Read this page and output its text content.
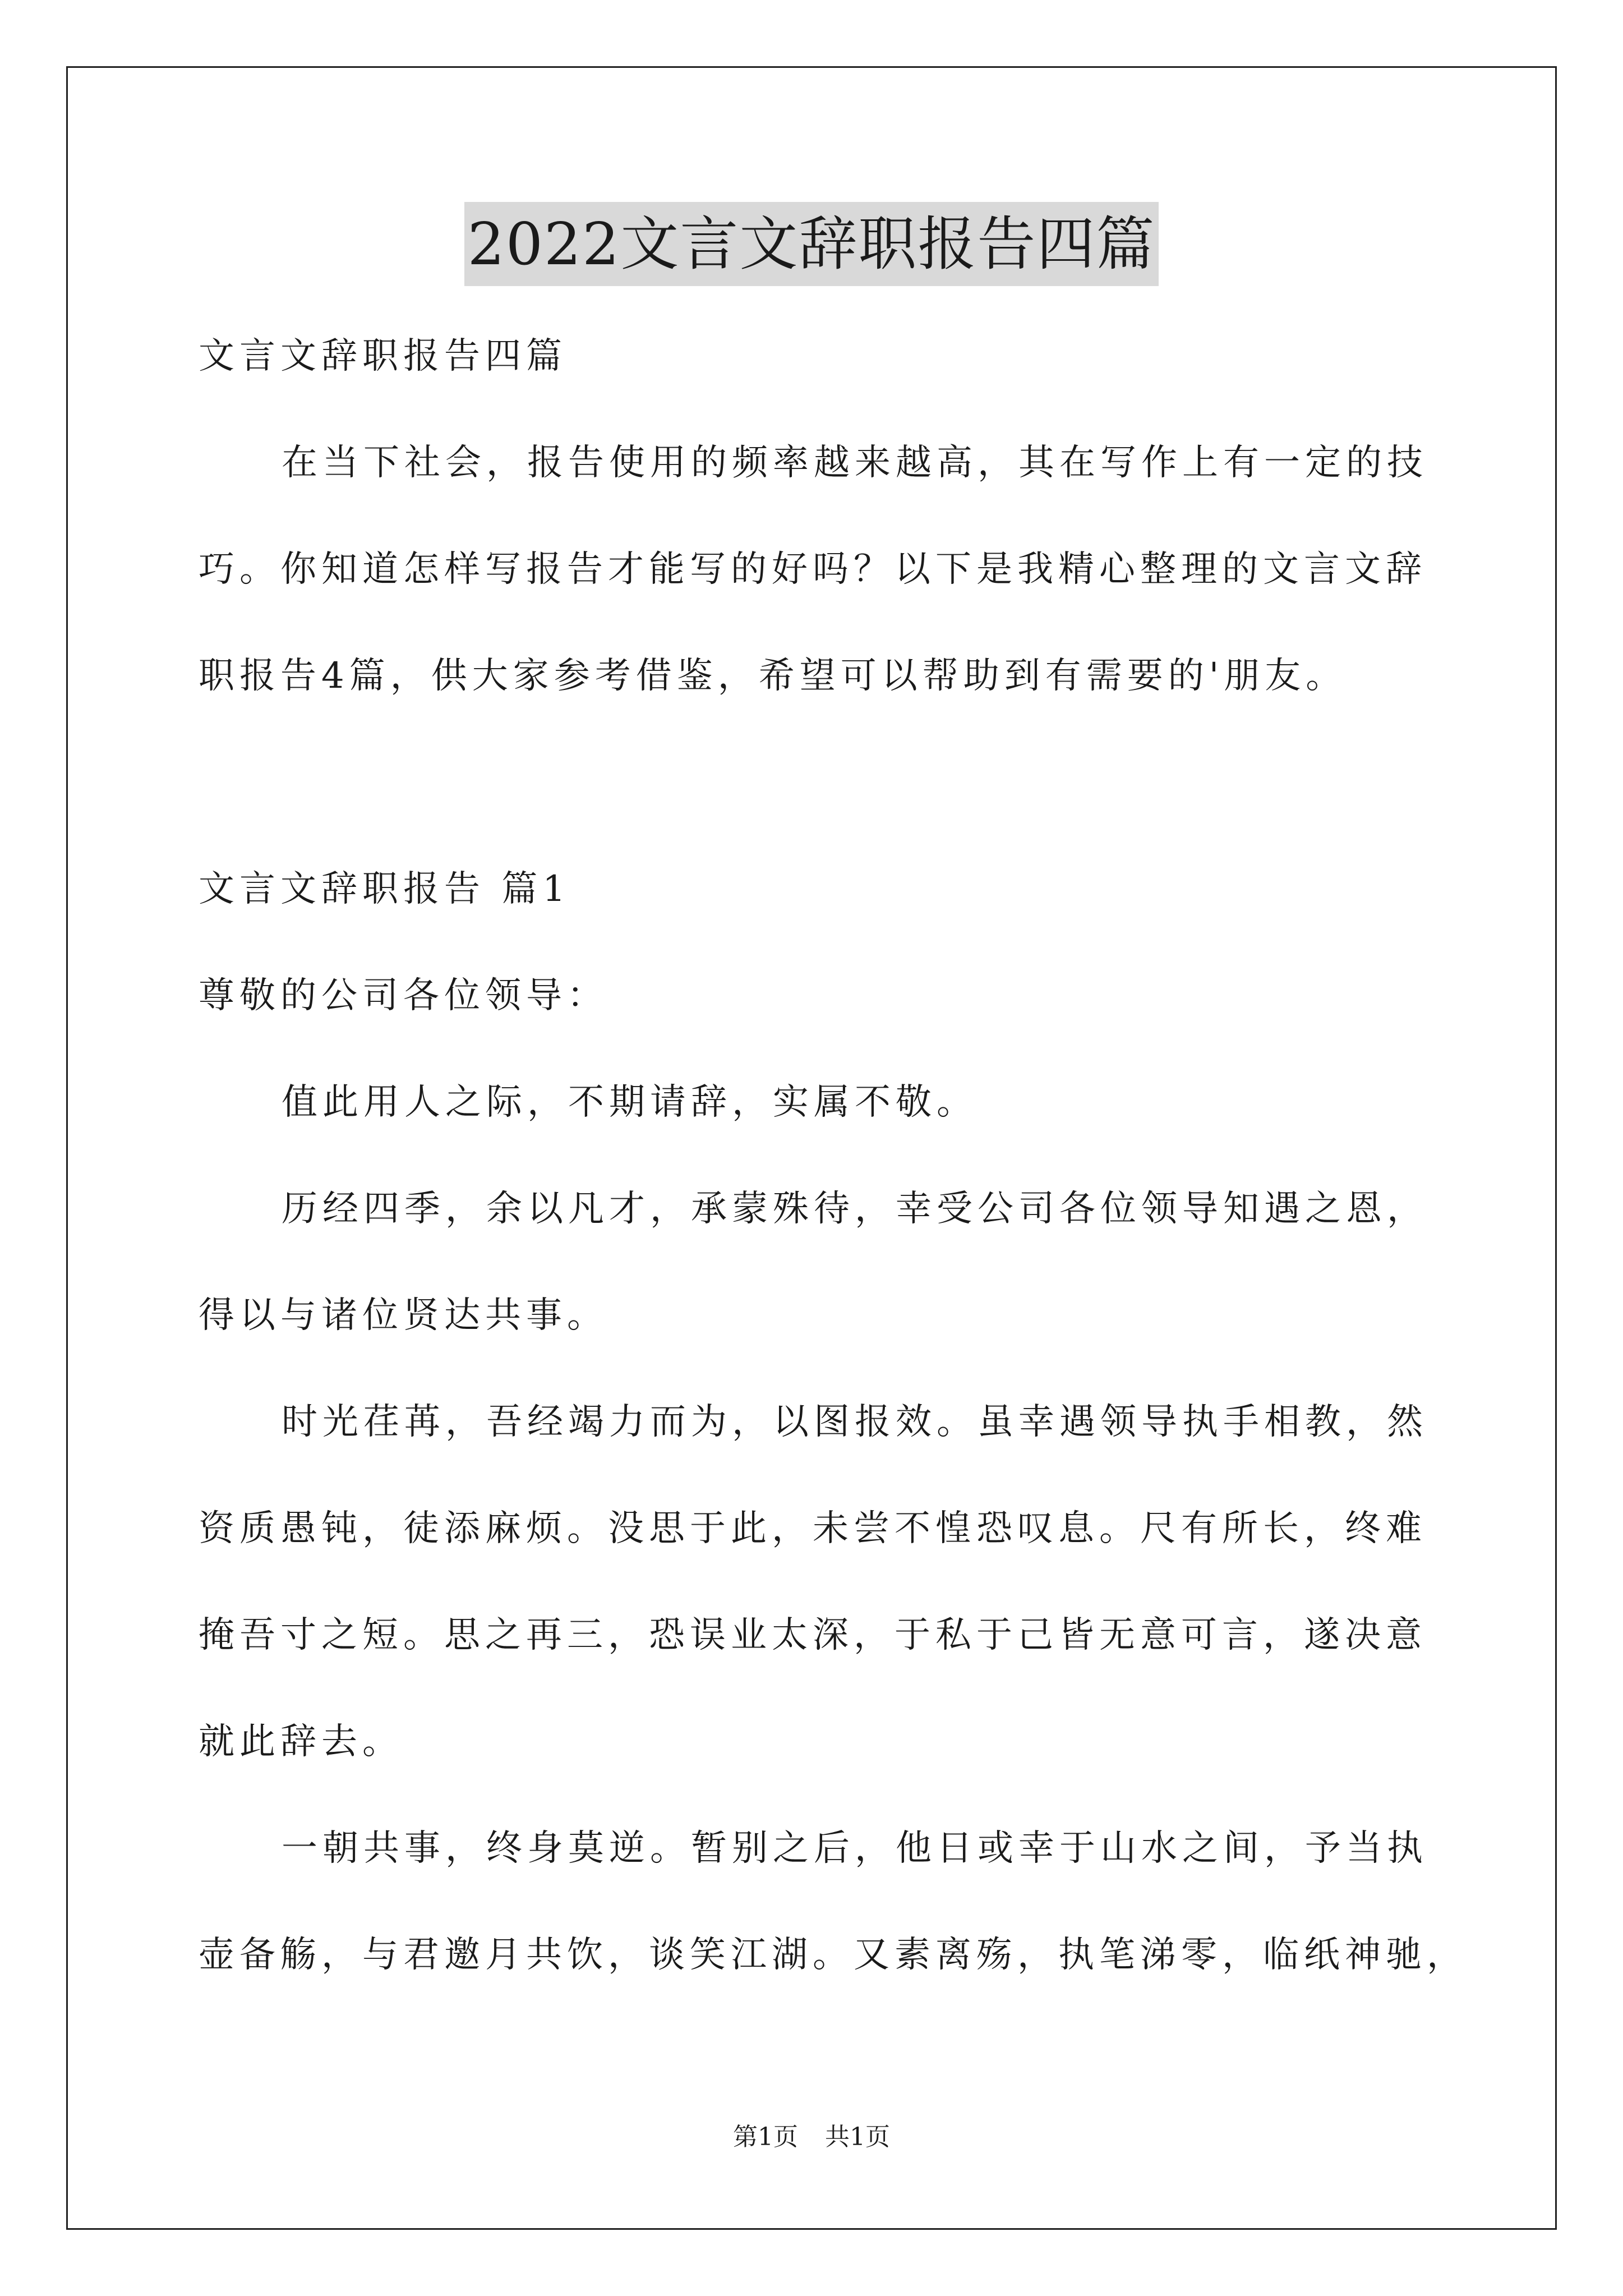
2022文言文辞职报告四篇
文言文辞职报告四篇
在当下社会，报告使用的频率越来越高，其在写作上有一定的技
巧。你知道怎样写报告才能写的好吗？以下是我精心整理的文言文辞
职报告4篇，供大家参考借鉴，希望可以帮助到有需要的'朋友。
文言文辞职报告 篇1
尊敬的公司各位领导：
值此用人之际，不期请辞，实属不敬。
历经四季，余以凡才，承蒙殊待，幸受公司各位领导知遇之恩，
得以与诸位贤达共事。
时光荏苒，吾经竭力而为，以图报效。虽幸遇领导执手相教，然
资质愚钝，徒添麻烦。没思于此，未尝不惶恐叹息。尺有所长，终难
掩吾寸之短。思之再三，恐误业太深，于私于己皆无意可言，遂决意
就此辞去。
一朝共事，终身莫逆。暂别之后，他日或幸于山水之间，予当执
壶备觞，与君邀月共饮，谈笑江湖。又素离殇，执笔涕零，临纸神驰，
第1页 共1页
